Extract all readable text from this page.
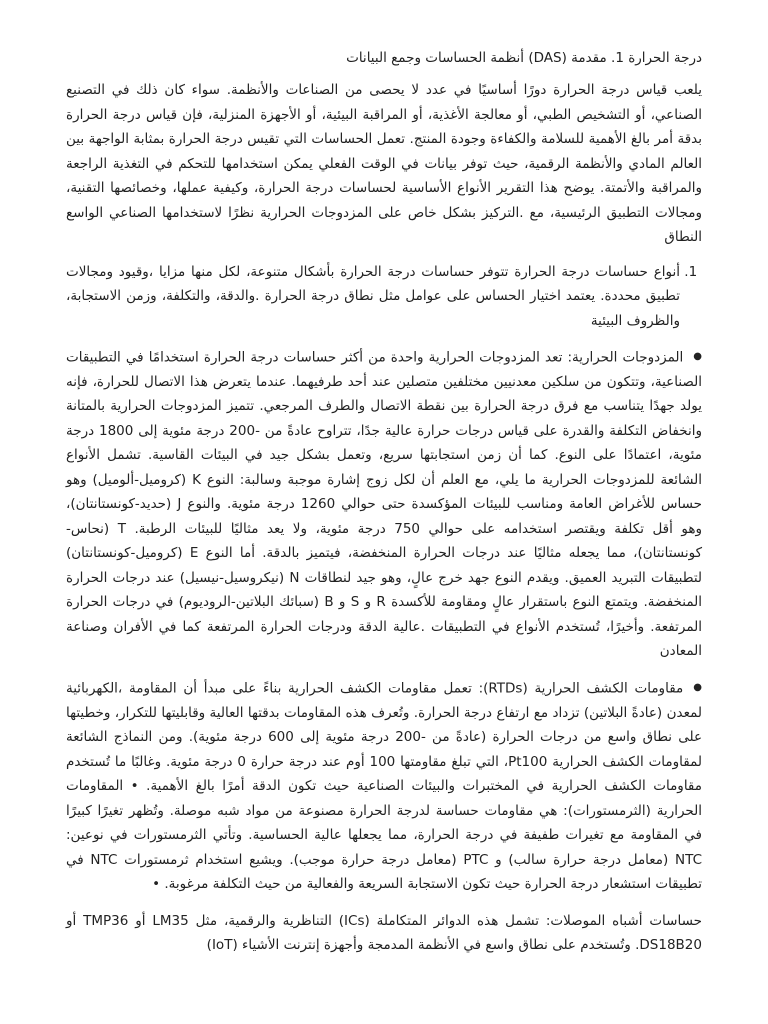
درجة الحرارة 1. مقدمة (DAS) أنظمة الحساسات وجمع البيانات

يلعب قياس درجة الحرارة دورًا أساسيًا في عدد لا يحصى من الصناعات والأنظمة. سواء كان ذلك في التصنيع الصناعي، أو التشخيص الطبي، أو معالجة الأغذية، أو المراقبة البيئية، أو الأجهزة المنزلية، فإن قياس درجة الحرارة بدقة أمر بالغ الأهمية للسلامة والكفاءة وجودة المنتج. تعمل الحساسات التي تقيس درجة الحرارة بمثابة الواجهة بين العالم المادي والأنظمة الرقمية، حيث توفر بيانات في الوقت الفعلي يمكن استخدامها للتحكم في التغذية الراجعة والمراقبة والأتمتة. يوضح هذا التقرير الأنواع الأساسية لحساسات درجة الحرارة، وكيفية عملها، وخصائصها التقنية، ومجالات التطبيق الرئيسية، مع .التركيز بشكل خاص على المزدوجات الحرارية نظرًا لاستخدامها الصناعي الواسع النطاق

1. أنواع حساسات درجة الحرارة تتوفر حساسات درجة الحرارة بأشكال متنوعة، لكل منها مزايا ،وقيود ومجالات تطبيق محددة. يعتمد اختيار الحساس على عوامل مثل نطاق درجة الحرارة .والدقة، والتكلفة، وزمن الاستجابة، والظروف البيئية

●المزدوجات الحرارية: تعد المزدوجات الحرارية واحدة من أكثر حساسات درجة الحرارة استخدامًا في التطبيقات الصناعية، وتتكون من سلكين معدنيين مختلفين متصلين عند أحد طرفيهما. عندما يتعرض هذا الاتصال للحرارة، فإنه يولد جهدًا يتناسب مع فرق درجة الحرارة بين نقطة الاتصال والطرف المرجعي. تتميز المزدوجات الحرارية بالمتانة وانخفاض التكلفة والقدرة على قياس درجات حرارة عالية جدًا، تتراوح عادةً من -200 درجة مئوية إلى 1800 درجة مئوية، اعتمادًا على النوع. كما أن زمن استجابتها سريع، وتعمل بشكل جيد في البيئات القاسية. تشمل الأنواع الشائعة للمزدوجات الحرارية ما يلي، مع العلم أن لكل زوج إشارة موجبة وسالبة: النوع K (كروميل-ألوميل) وهو حساس للأغراض العامة ومناسب للبيئات المؤكسدة حتى حوالي 1260 درجة مئوية. والنوع J (حديد-كونستانتان)، وهو أقل تكلفة ويقتصر استخدامه على حوالي 750 درجة مئوية، ولا يعد مثاليًا للبيئات الرطبة. T (نحاس-كونستانتان)، مما يجعله مثاليًا عند درجات الحرارة المنخفضة، فيتميز بالدقة. أما النوع E (كروميل-كونستانتان) لتطبيقات التبريد العميق. ويقدم النوع جهد خرج عالٍ، وهو جيد لنطاقات N (نيكروسيل-نيسيل) عند درجات الحرارة المنخفضة. ويتمتع النوع باستقرار عالٍ ومقاومة للأكسدة R و S و B (سبائك البلاتين-الروديوم) في درجات الحرارة المرتفعة. وأخيرًا، تُستخدم الأنواع في التطبيقات .عالية الدقة ودرجات الحرارة المرتفعة كما في الأفران وصناعة المعادن

●مقاومات الكشف الحرارية (RTDs): تعمل مقاومات الكشف الحرارية بناءً على مبدأ أن المقاومة ،الكهربائية لمعدن (عادةً البلاتين) تزداد مع ارتفاع درجة الحرارة. وتُعرف هذه المقاومات بدقتها العالية وقابليتها للتكرار، وخطيتها على نطاق واسع من درجات الحرارة (عادةً من -200 درجة مئوية إلى 600 درجة مئوية). ومن النماذج الشائعة لمقاومات الكشف الحرارية Pt100، التي تبلغ مقاومتها 100 أوم عند درجة حرارة 0 درجة مئوية. وغالبًا ما تُستخدم مقاومات الكشف الحرارية في المختبرات والبيئات الصناعية حيث تكون الدقة أمرًا بالغ الأهمية. • المقاومات الحرارية (الثرمستورات): هي مقاومات حساسة لدرجة الحرارة مصنوعة من مواد شبه موصلة. وتُظهر تغيرًا كبيرًا في المقاومة مع تغيرات طفيفة في درجة الحرارة، مما يجعلها عالية الحساسية. وتأتي الثرمستورات في نوعين: NTC (معامل درجة حرارة سالب) و PTC (معامل درجة حرارة موجب). ويشيع استخدام ثرمستورات NTC في تطبيقات استشعار درجة الحرارة حيث تكون الاستجابة السريعة والفعالية من حيث التكلفة مرغوبة. •

حساسات أشباه الموصلات: تشمل هذه الدوائر المتكاملة (ICs) التناظرية والرقمية، مثل LM35 أو TMP36 أو DS18B20. وتُستخدم على نطاق واسع في الأنظمة المدمجة وأجهزة إنترنت الأشياء (IoT)
